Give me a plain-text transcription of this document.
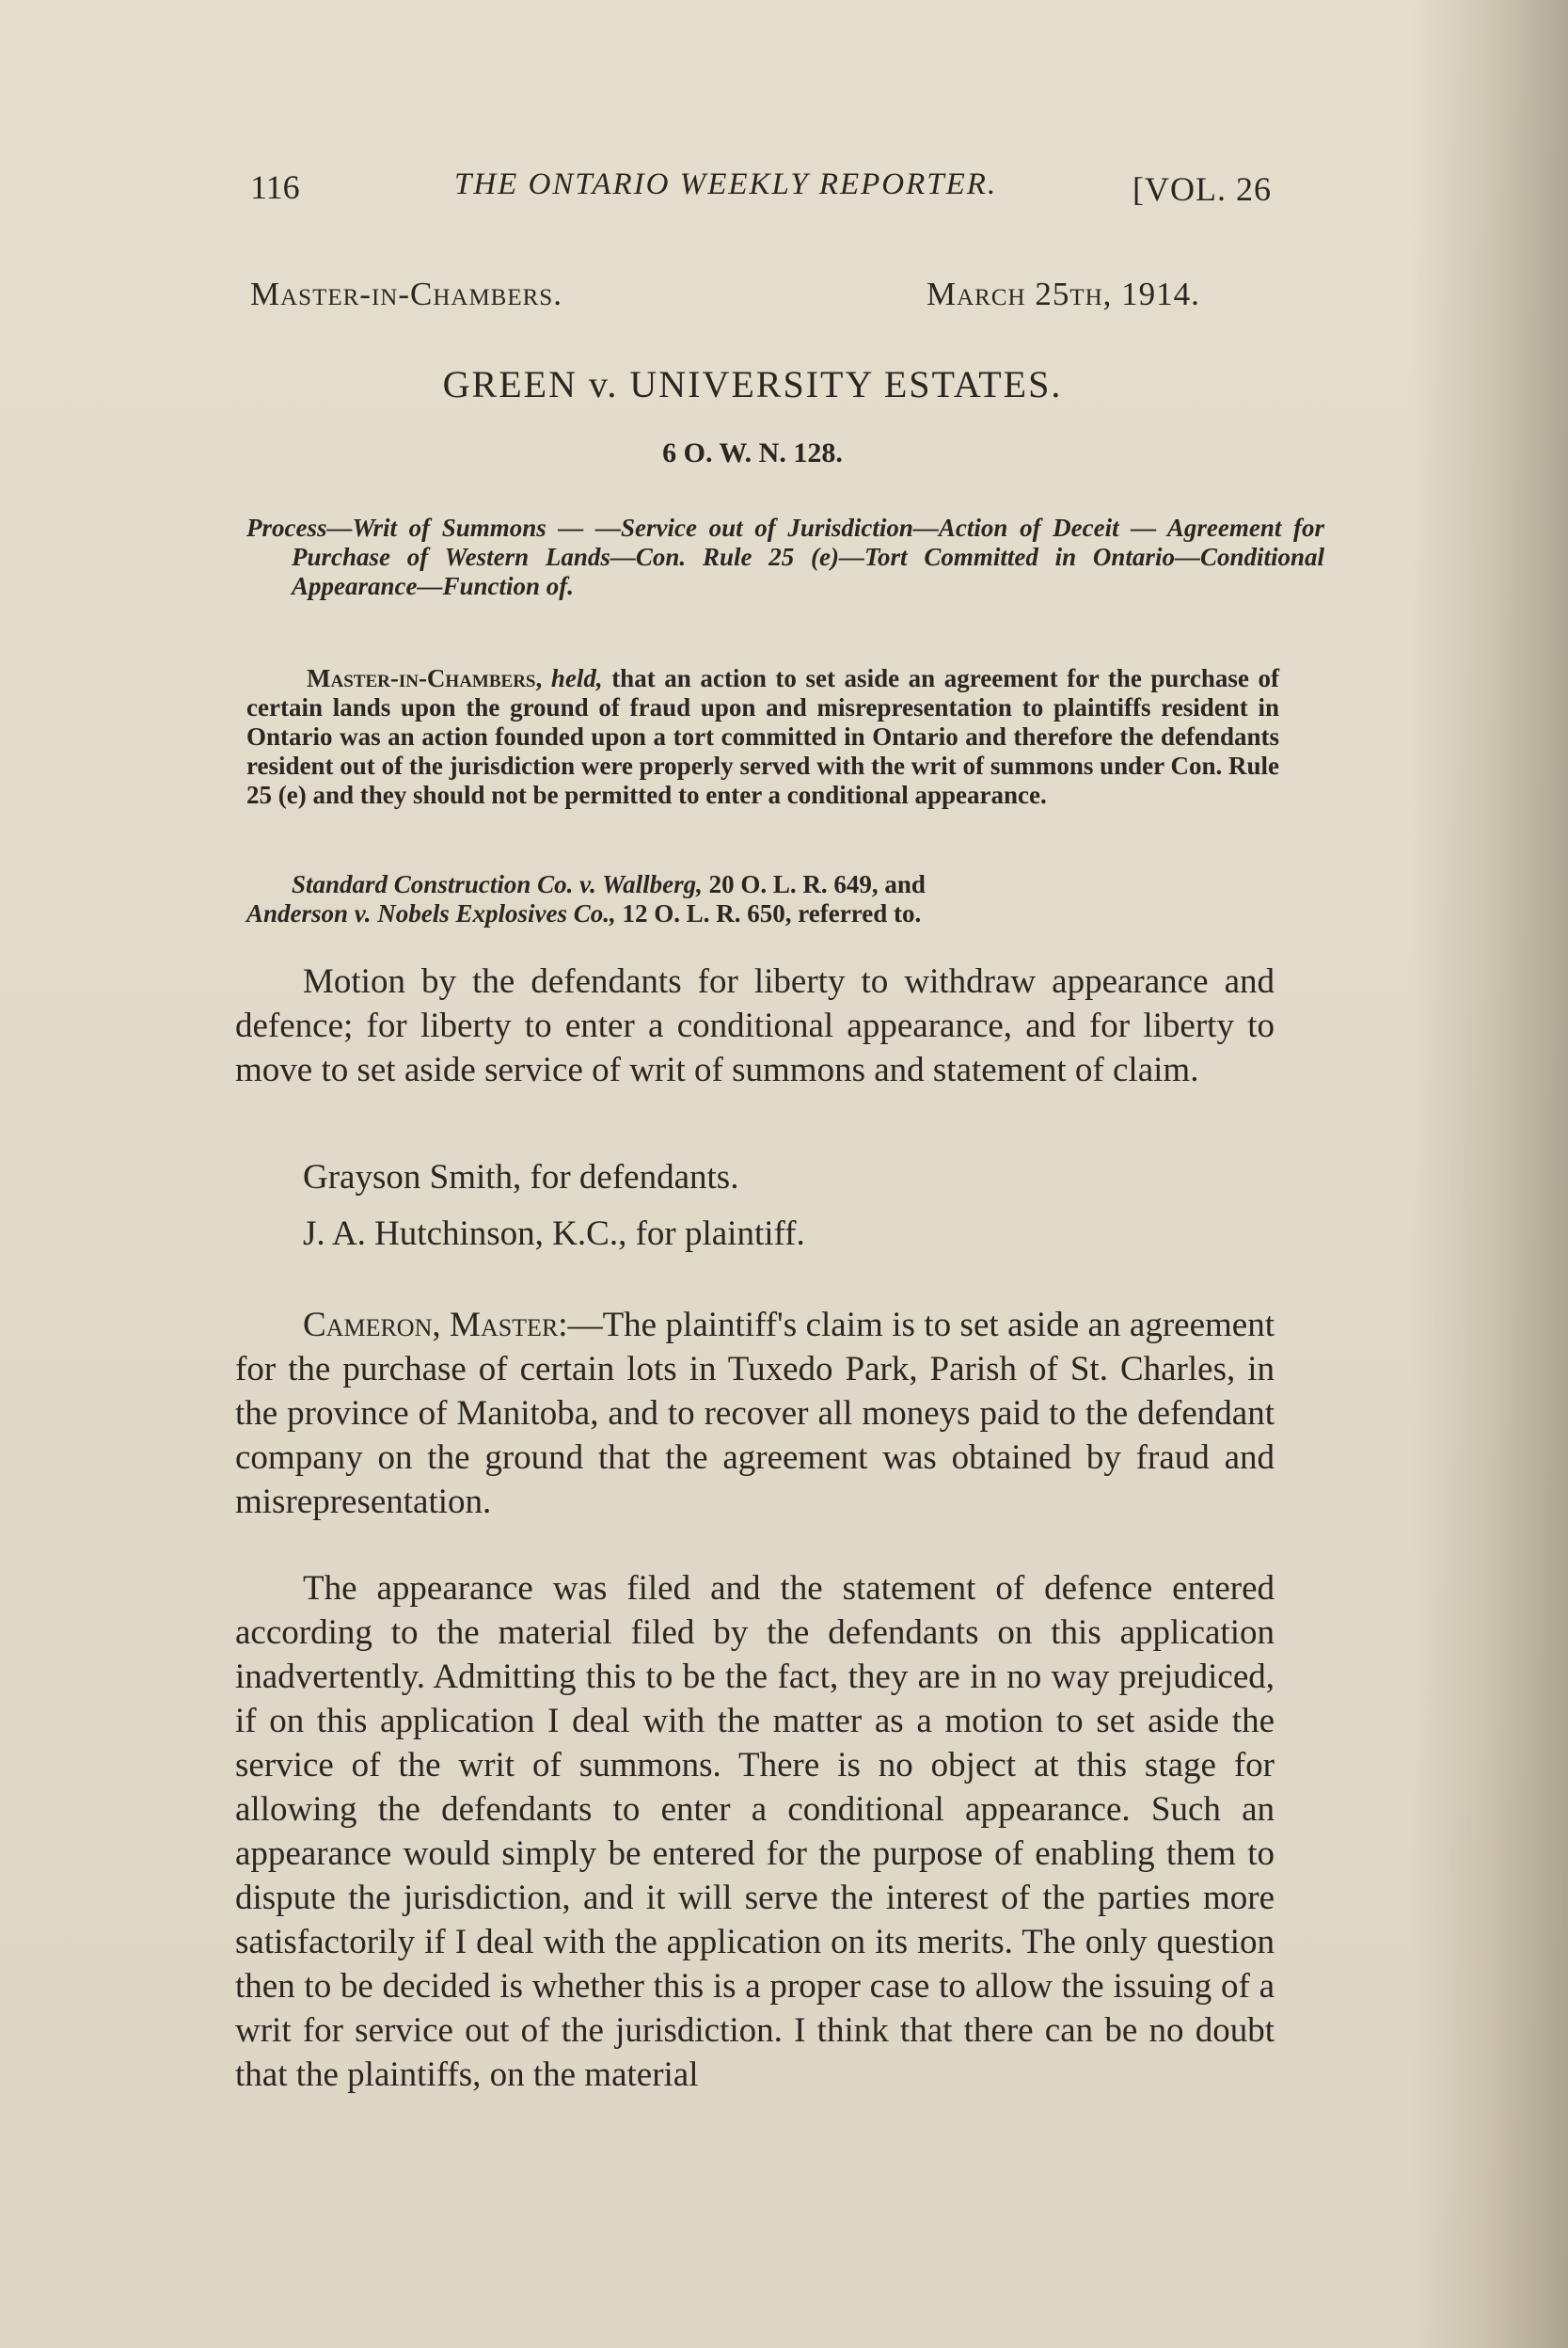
116	THE ONTARIO WEEKLY REPORTER.	[VOL. 26
Master-in-Chambers.	March 25th, 1914.
GREEN v. UNIVERSITY ESTATES.
6 O. W. N. 128.

Process—Writ of Summons — —Service out of Jurisdiction—Action of Deceit — Agreement for Purchase of Western Lands—Con. Rule 25 (e)—Tort Committed in Ontario—Conditional Appearance—Function of.

Master-in-Chambers, held, that an action to set aside an agreement for the purchase of certain lands upon the ground of fraud upon and misrepresentation to plaintiffs resident in Ontario was an action founded upon a tort committed in Ontario and therefore the defendants resident out of the jurisdiction were properly served with the writ of summons under Con. Rule 25 (e) and they should not be permitted to enter a conditional appearance.

Standard Construction Co. v. Wallberg, 20 O. L. R. 649, and
Anderson v. Nobels Explosives Co., 12 O. L. R. 650, referred to.

Motion by the defendants for liberty to withdraw appearance and defence; for liberty to enter a conditional appearance, and for liberty to move to set aside service of writ of summons and statement of claim.

Grayson Smith, for defendants.
J. A. Hutchinson, K.C., for plaintiff.

Cameron, Master:—The plaintiff's claim is to set aside an agreement for the purchase of certain lots in Tuxedo Park, Parish of St. Charles, in the province of Manitoba, and to recover all moneys paid to the defendant company on the ground that the agreement was obtained by fraud and misrepresentation.

The appearance was filed and the statement of defence entered according to the material filed by the defendants on this application inadvertently. Admitting this to be the fact, they are in no way prejudiced, if on this application I deal with the matter as a motion to set aside the service of the writ of summons. There is no object at this stage for allowing the defendants to enter a conditional appearance. Such an appearance would simply be entered for the purpose of enabling them to dispute the jurisdiction, and it will serve the interest of the parties more satisfactorily if I deal with the application on its merits. The only question then to be decided is whether this is a proper case to allow the issuing of a writ for service out of the jurisdiction. I think that there can be no doubt that the plaintiffs, on the material
